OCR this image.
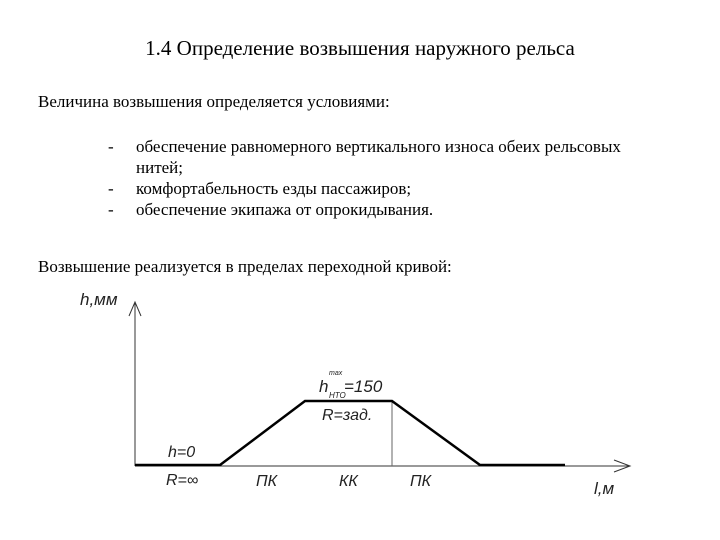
1.4 Определение возвышения наружного рельса
Величина возвышения определяется условиями:
-	обеспечение равномерного вертикального износа обеих рельсовых нитей;
-	комфортабельность езды пассажиров;
-	обеспечение экипажа от опрокидывания.
Возвышение реализуется в пределах переходной кривой:
h,мм
l,м
h=0
R=∞
h
max
НТО
=150
R=зад.
ПК	КК	ПК
